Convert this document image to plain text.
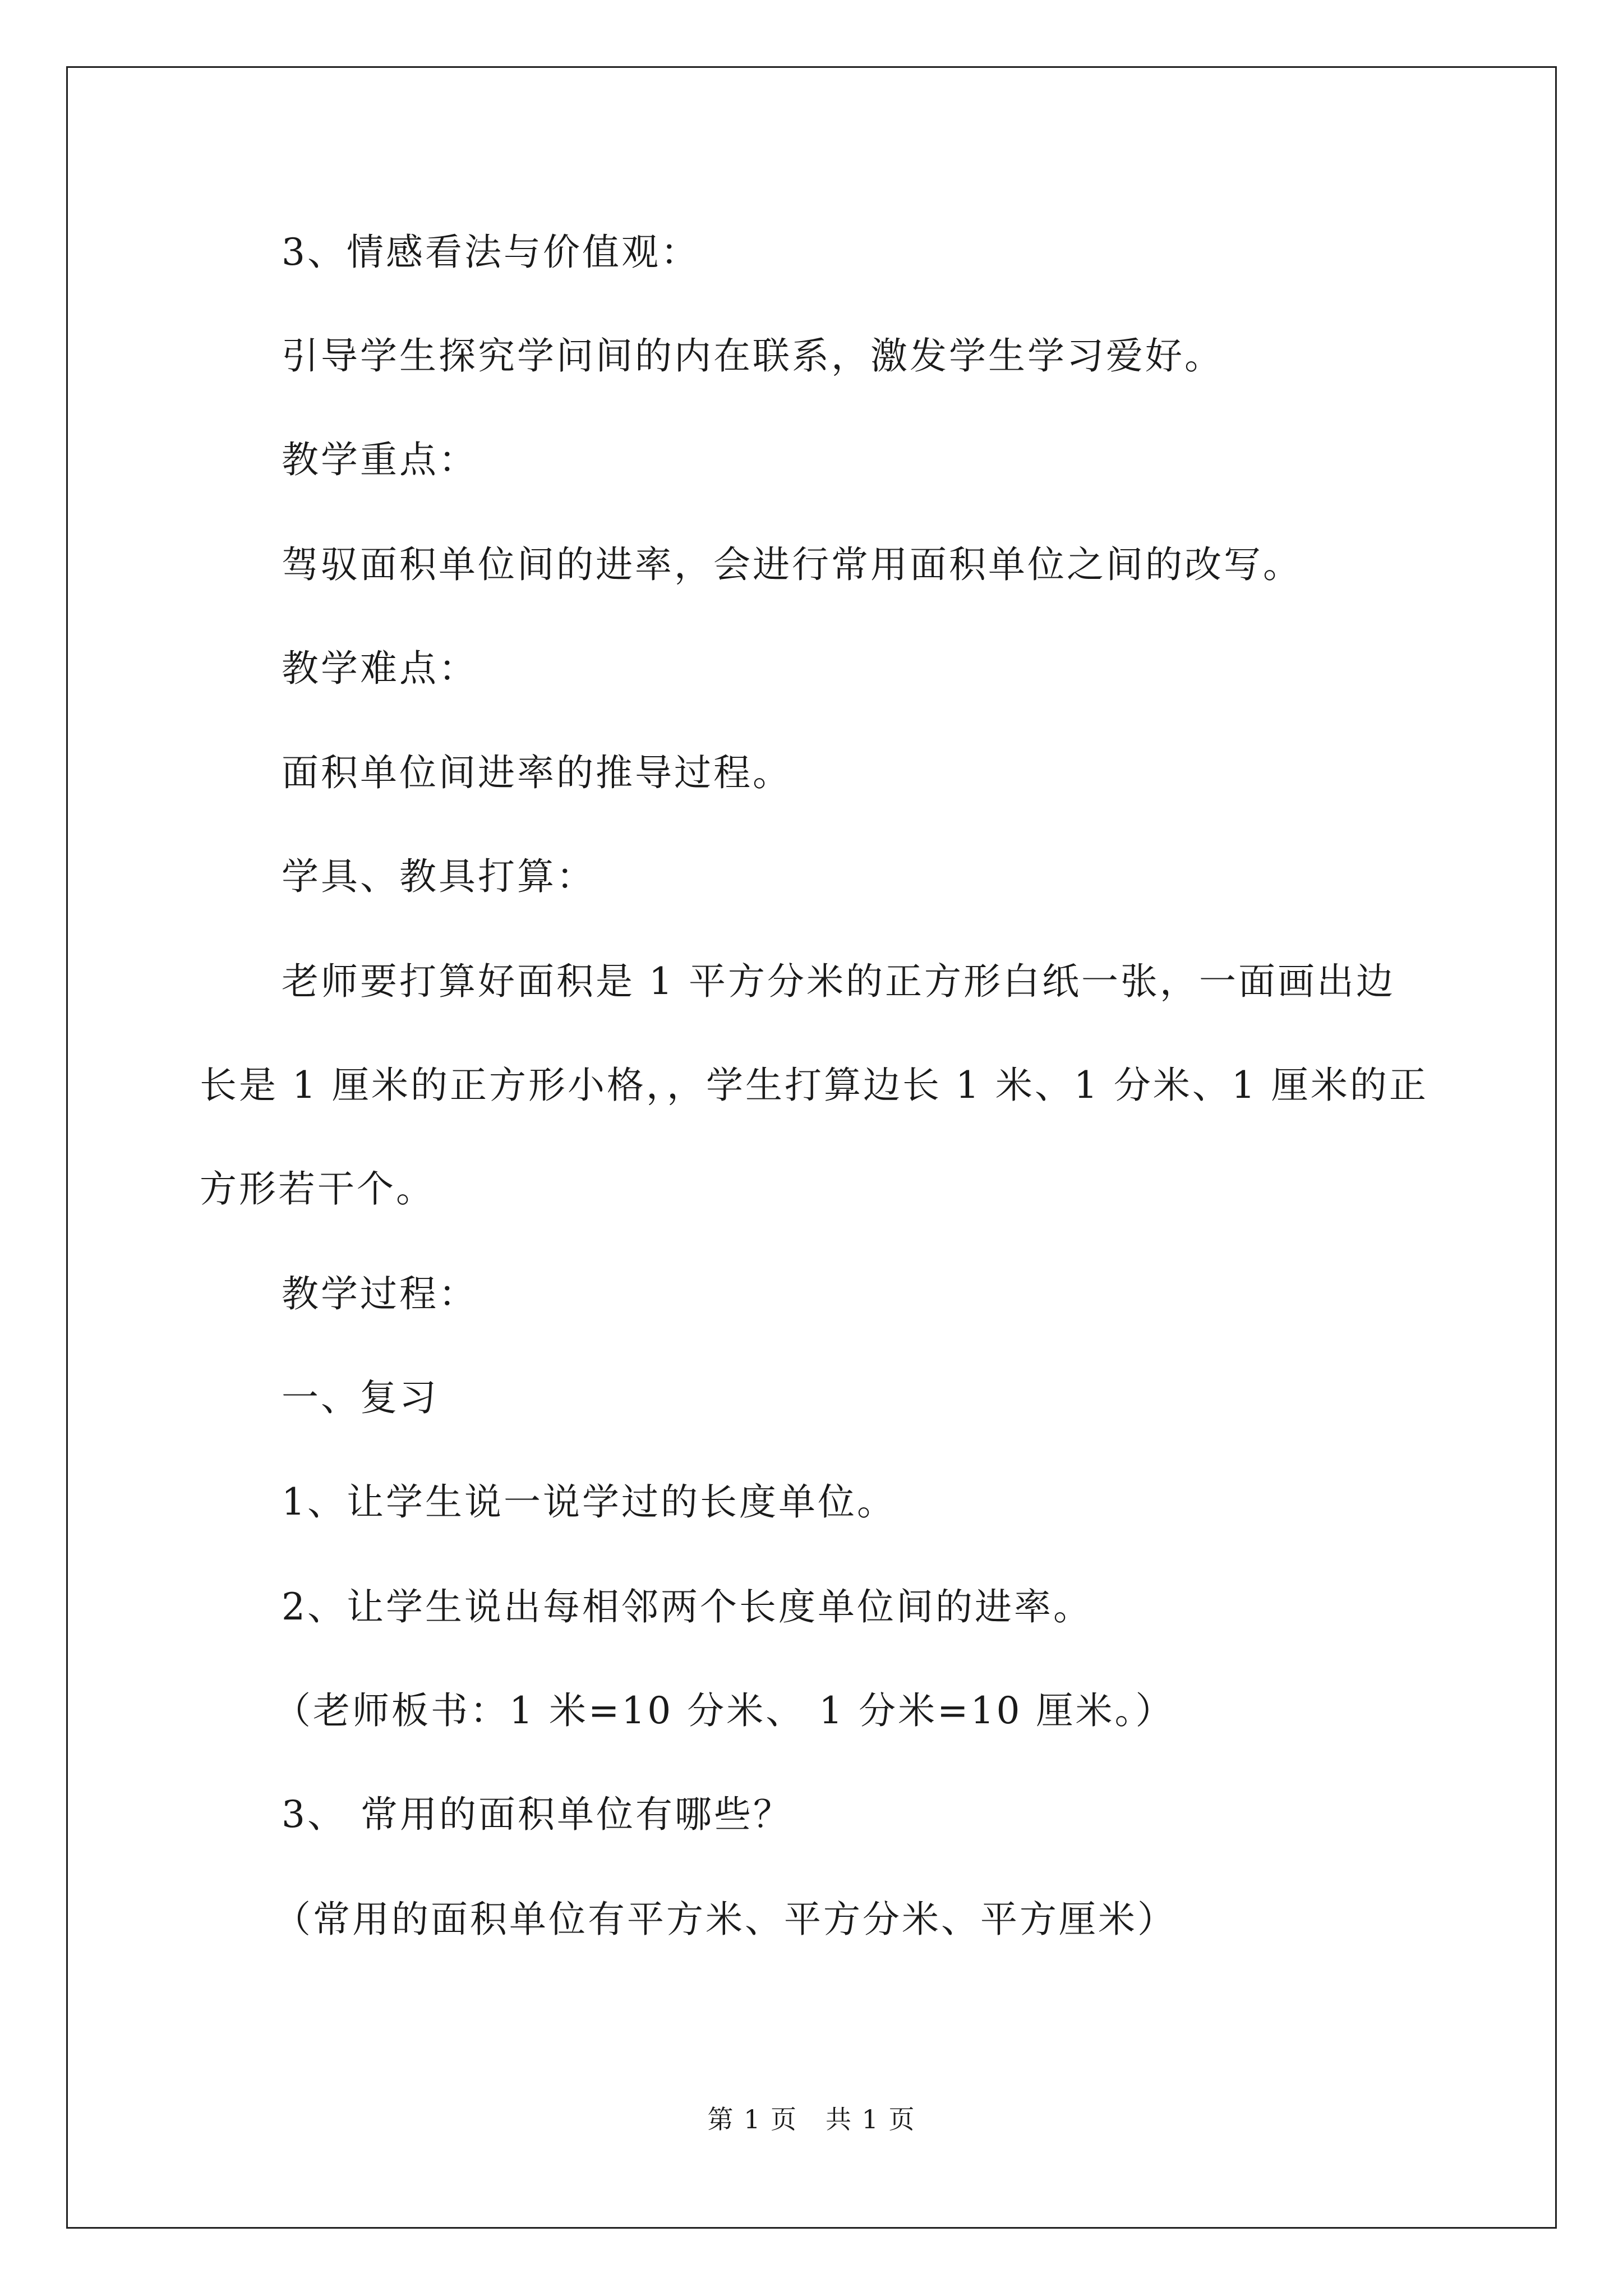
3、情感看法与价值观：
引导学生探究学问间的内在联系，激发学生学习爱好。
教学重点：
驾驭面积单位间的进率，会进行常用面积单位之间的改写。
教学难点：
面积单位间进率的推导过程。
学具、教具打算：
老师要打算好面积是 1 平方分米的正方形白纸一张，一面画出边
长是 1 厘米的正方形小格，，学生打算边长 1 米、1 分米、1 厘米的正
方形若干个。
教学过程：
一、复习
1、让学生说一说学过的长度单位。
2、让学生说出每相邻两个长度单位间的进率。
（老师板书：1 米=10 分米、 1 分米=10 厘米。）
3、 常用的面积单位有哪些？
（常用的面积单位有平方米、平方分米、平方厘米）
第 1 页 共 1 页
